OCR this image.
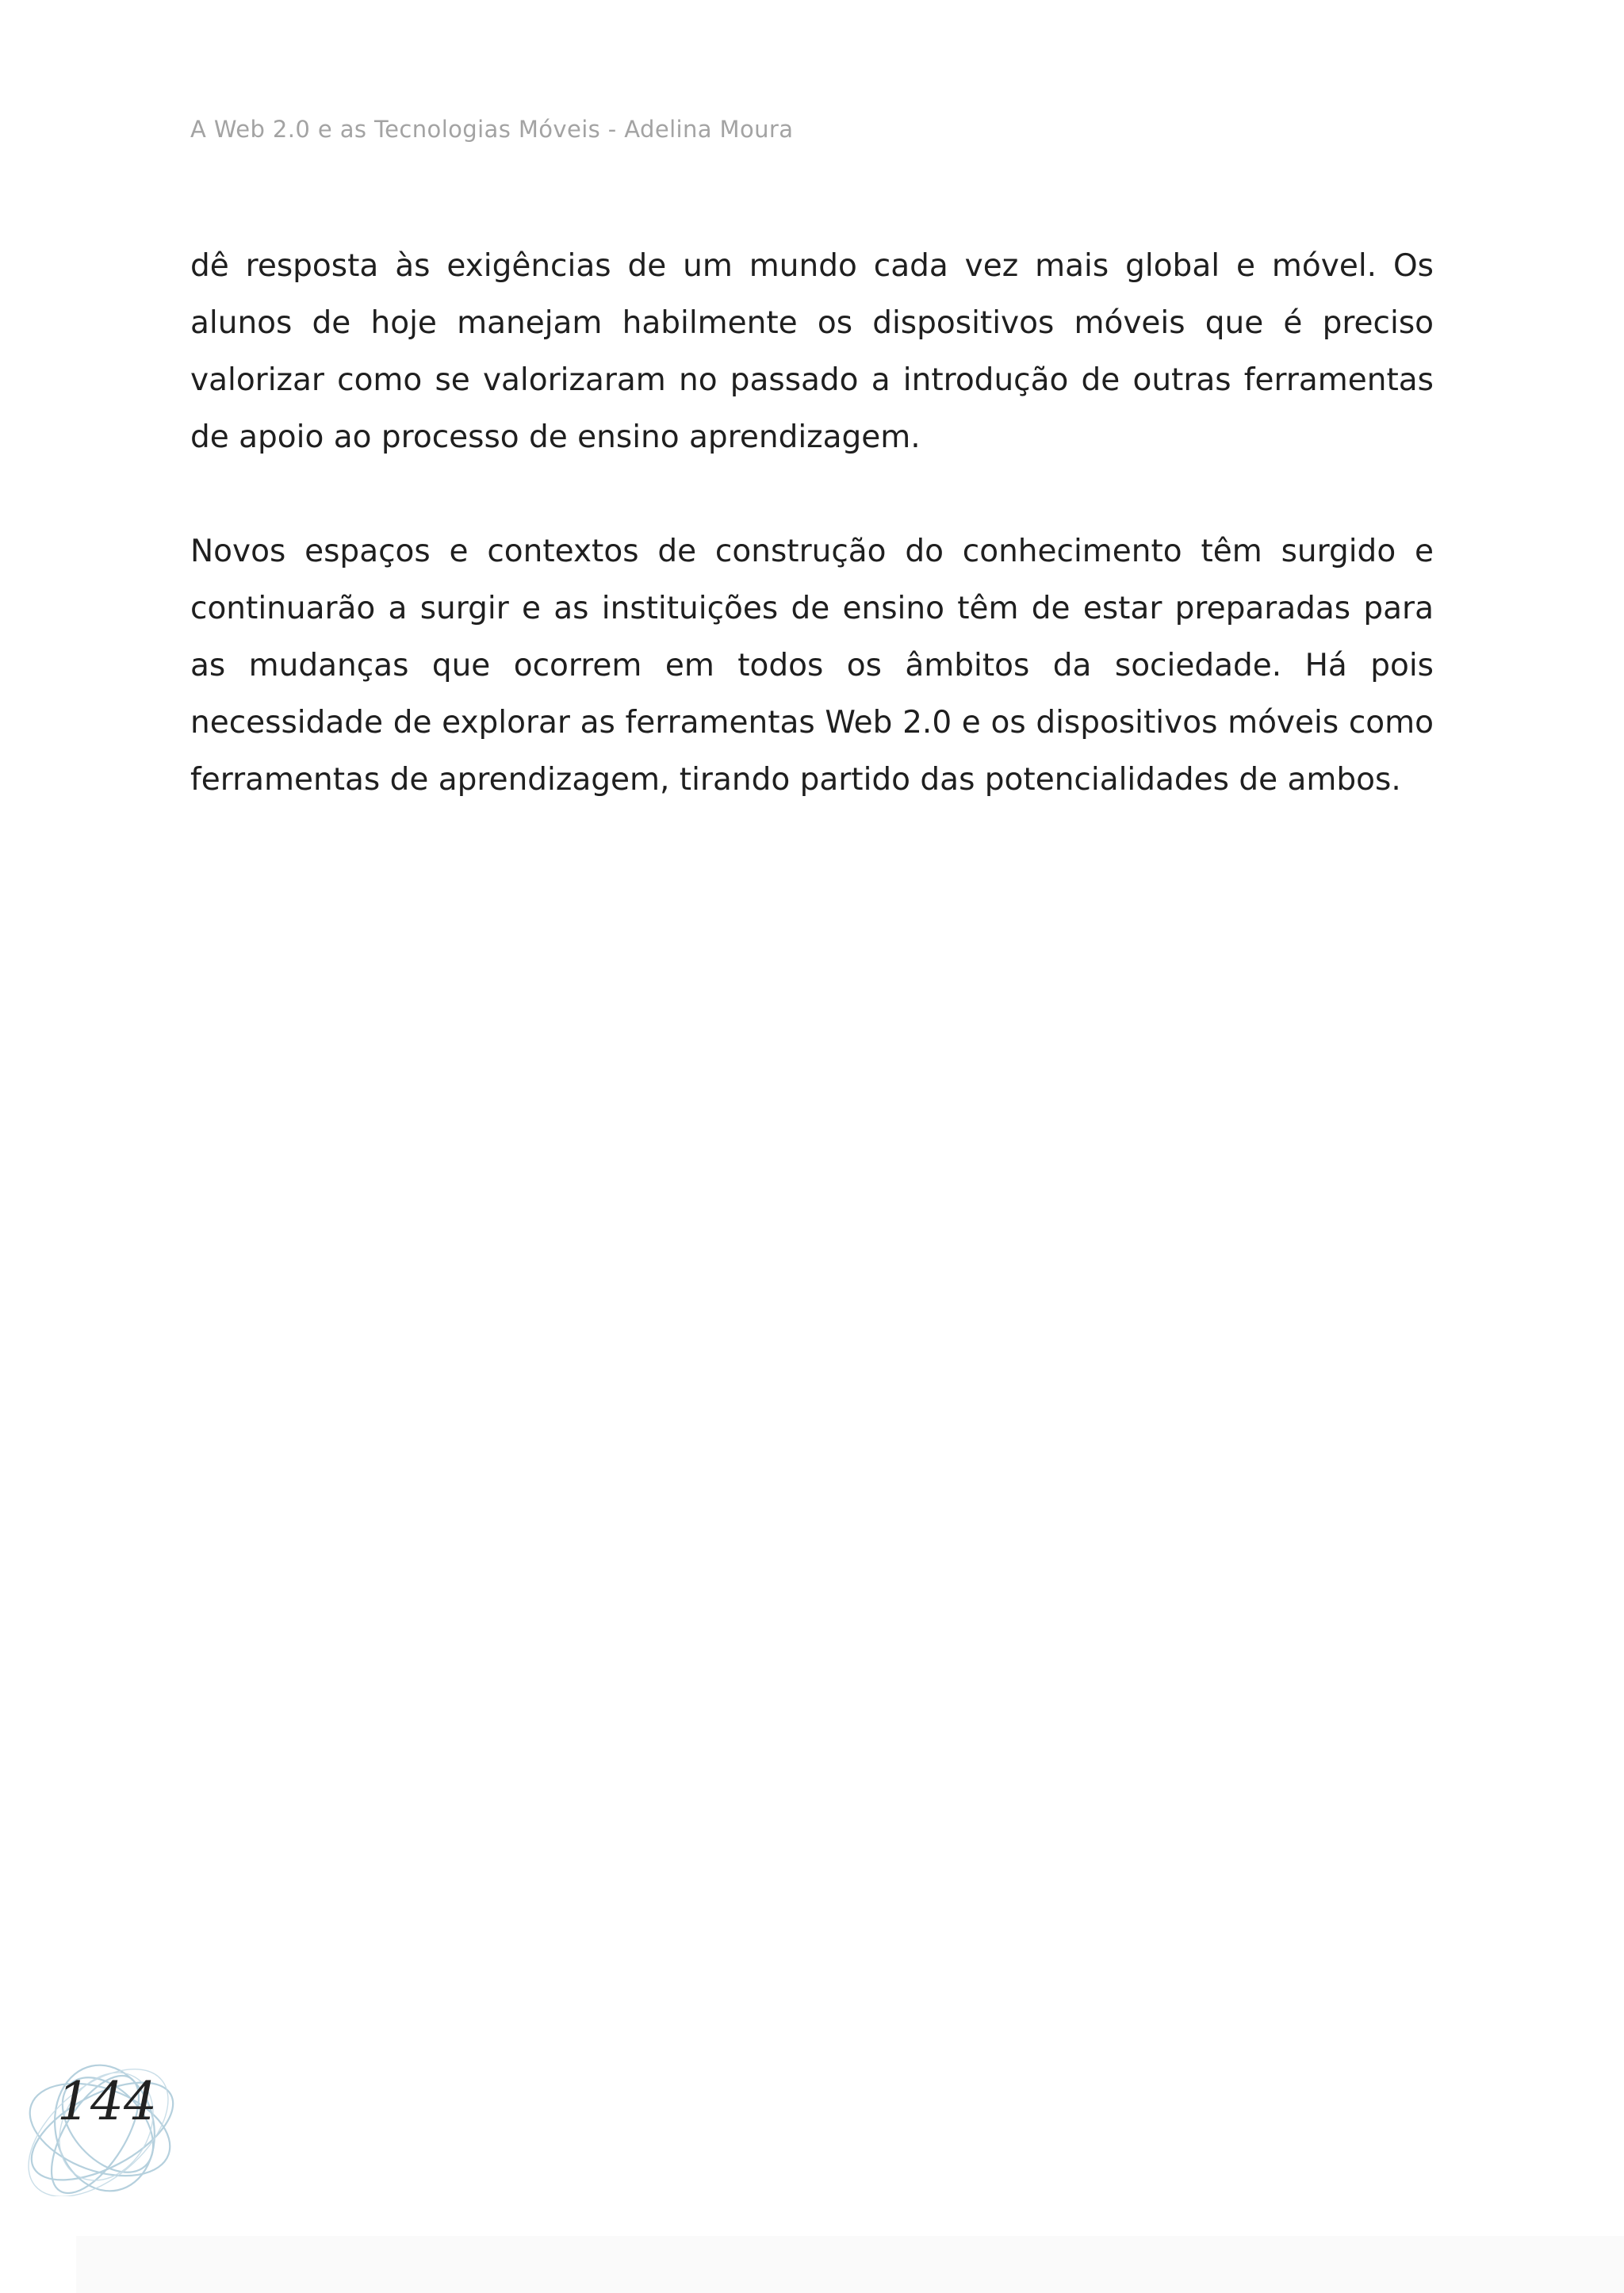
A Web 2.0 e as Tecnologias Móveis - Adelina Moura

dê resposta às exigências de um mundo cada vez mais global e móvel. Os alunos de hoje manejam habilmente os dispositivos móveis que é preciso valorizar como se valorizaram no passado a introdução de outras ferramentas de apoio ao processo de ensino aprendizagem.

Novos espaços e contextos de construção do conhecimento têm surgido e continuarão a surgir e as instituições de ensino têm de estar preparadas para as mudanças que ocorrem em todos os âmbitos da sociedade. Há pois necessidade de explorar as ferramentas Web 2.0 e os dispositivos móveis como ferramentas de aprendizagem, tirando partido das potencialidades de ambos.

144
